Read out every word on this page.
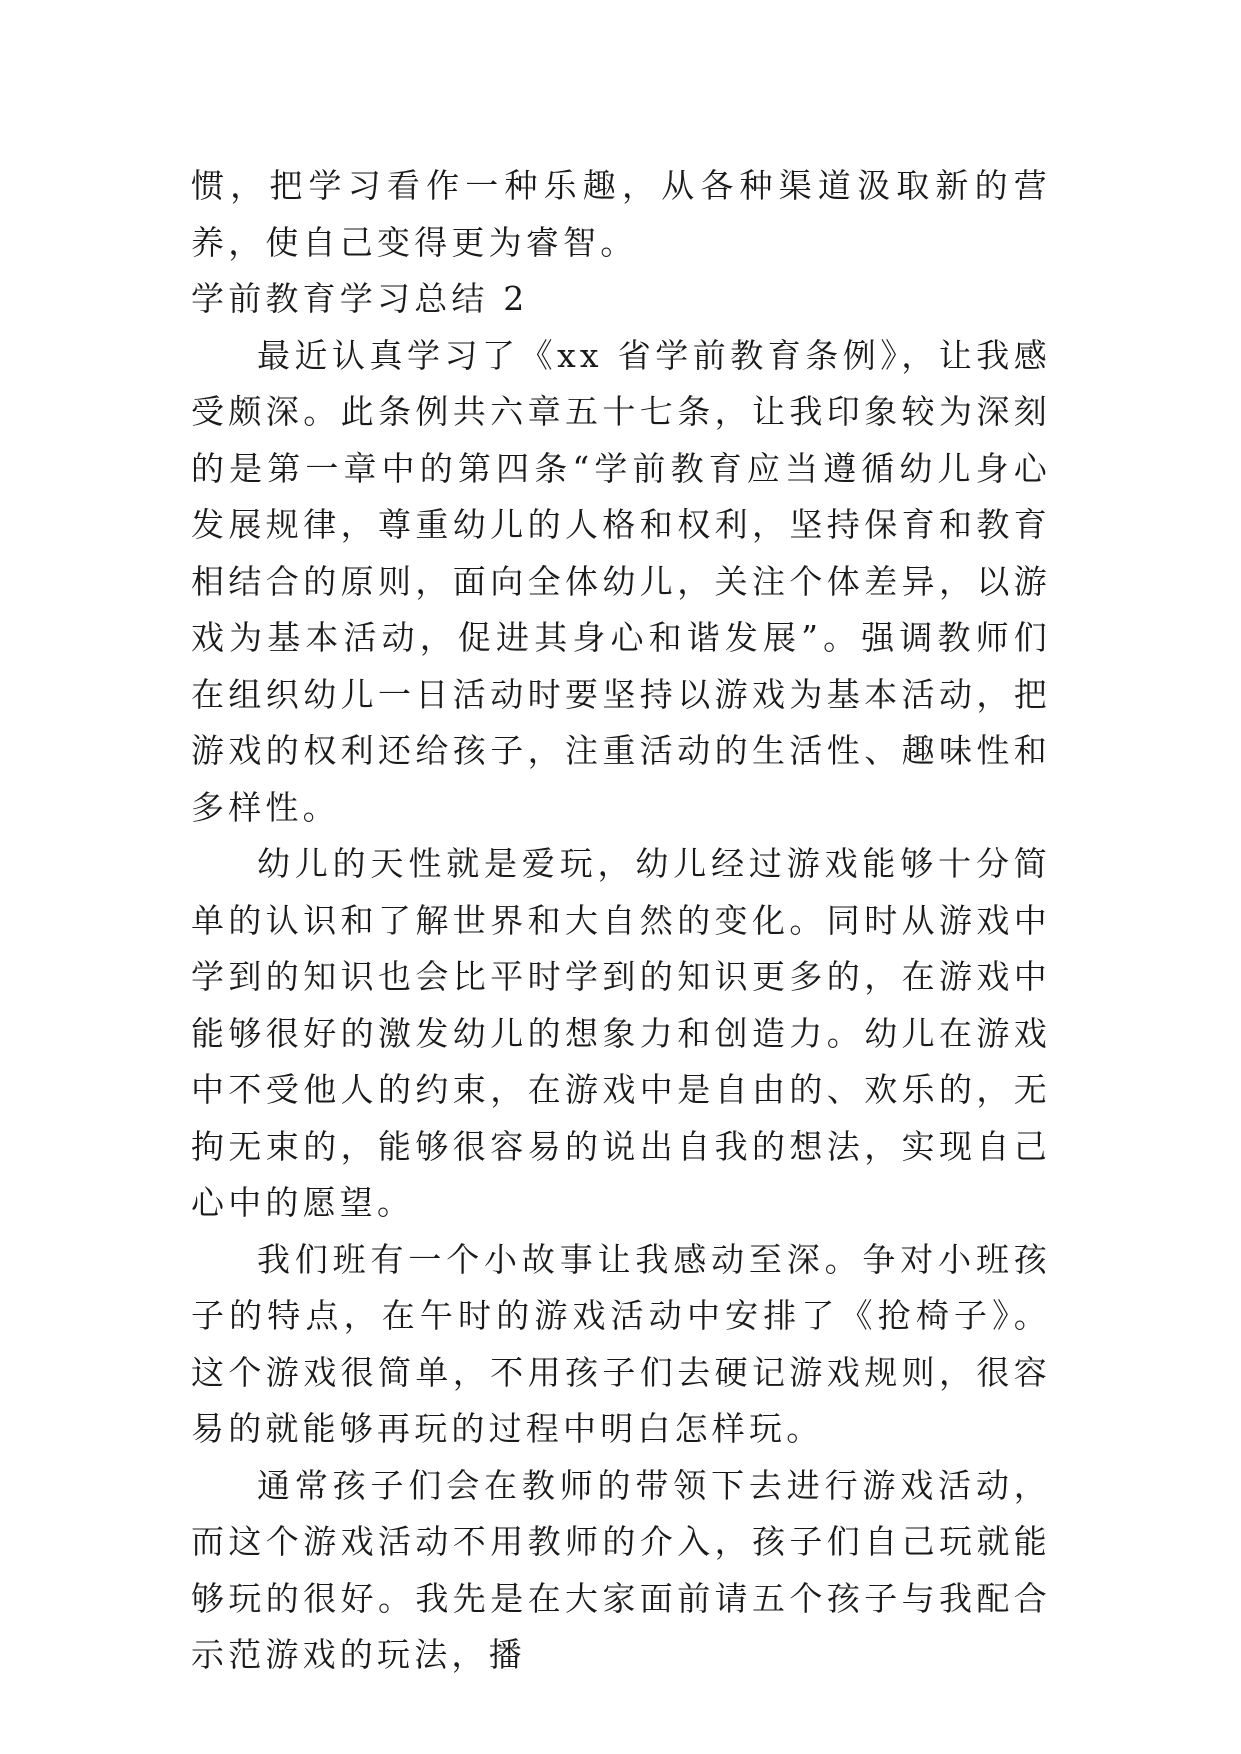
惯，把学习看作一种乐趣，从各种渠道汲取新的营养，使自己变得更为睿智。

学前教育学习总结 2

最近认真学习了《xx 省学前教育条例》，让我感受颇深。此条例共六章五十七条，让我印象较为深刻的是第一章中的第四条“学前教育应当遵循幼儿身心发展规律，尊重幼儿的人格和权利，坚持保育和教育相结合的原则，面向全体幼儿，关注个体差异，以游戏为基本活动，促进其身心和谐发展”。强调教师们在组织幼儿一日活动时要坚持以游戏为基本活动，把游戏的权利还给孩子，注重活动的生活性、趣味性和多样性。

幼儿的天性就是爱玩，幼儿经过游戏能够十分简单的认识和了解世界和大自然的变化。同时从游戏中学到的知识也会比平时学到的知识更多的，在游戏中能够很好的激发幼儿的想象力和创造力。幼儿在游戏中不受他人的约束，在游戏中是自由的、欢乐的，无拘无束的，能够很容易的说出自我的想法，实现自己心中的愿望。

我们班有一个小故事让我感动至深。争对小班孩子的特点，在午时的游戏活动中安排了《抢椅子》。这个游戏很简单，不用孩子们去硬记游戏规则，很容易的就能够再玩的过程中明白怎样玩。

通常孩子们会在教师的带领下去进行游戏活动，而这个游戏活动不用教师的介入，孩子们自己玩就能够玩的很好。我先是在大家面前请五个孩子与我配合示范游戏的玩法，播
